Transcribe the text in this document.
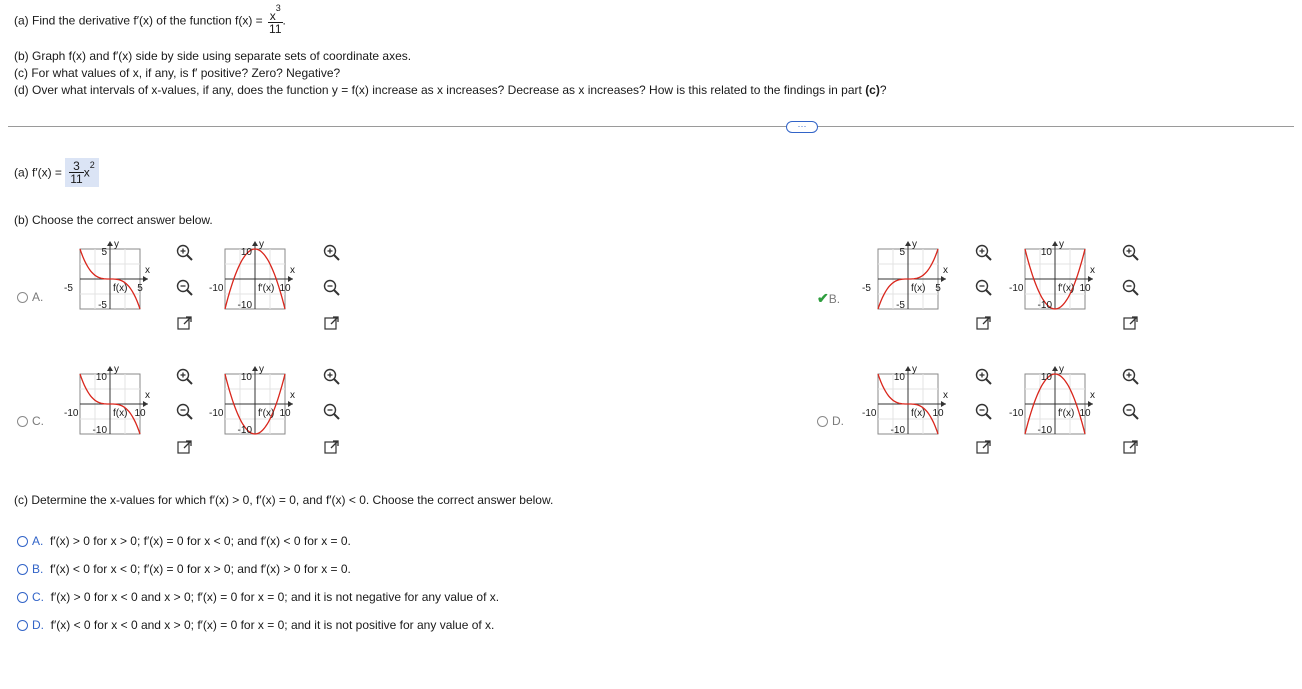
(a) Find the derivative f′(x) of the function $f(x) = \frac{x^3}{11}$ .
(b) Graph f(x) and f′(x) side by side using separate sets of coordinate axes.
(c) For what values of x, if any, is f′ positive? Zero? Negative?
(d) Over what intervals of x-values, if any, does the function y = f(x) increase as x increases? Decrease as x increases? How is this related to the findings in part (c)?
···
(a) $f'(x) = \frac{3}{11} x^2$
(b) Choose the correct answer below.
A.	✔B.
C.	D.
(c) Determine the x-values for which f′(x) > 0, f′(x) = 0, and f′(x) < 0. Choose the correct answer below.
A. f′(x) > 0 for x > 0; f′(x) = 0 for x < 0; and f′(x) < 0 for x = 0.
B. f′(x) < 0 for x < 0; f′(x) = 0 for x > 0; and f′(x) > 0 for x = 0.
C. f′(x) > 0 for x < 0 and x > 0; f′(x) = 0 for x = 0; and it is not negative for any value of x.
D. f′(x) < 0 for x < 0 and x > 0; f′(x) = 0 for x = 0; and it is not positive for any value of x.
y
x
5
-5
-5	5
f(x)
y
x
10
-10
-10	10
f′(x)
y
x
5
-5
-5	5
f(x)
y
x
10
-10
-10	10
f′(x)
y
x
10
-10
-10	10
f(x)
y
x
10
-10
-10	10
f′(x)
y
x
10
-10
-10	10
f(x)
y
x
10
-10
-10	10
f′(x)
